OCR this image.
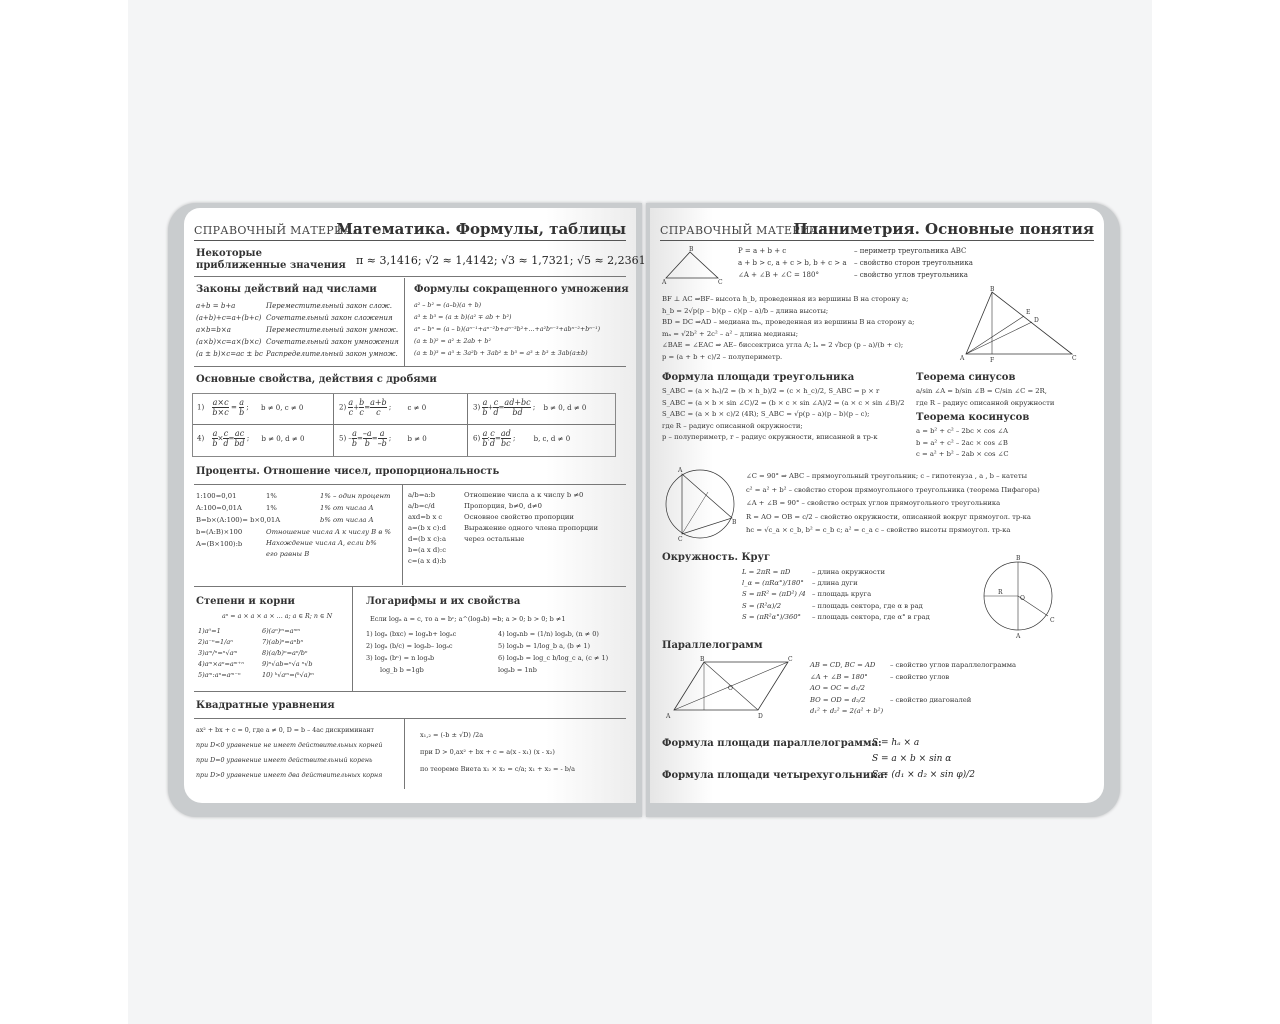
СПРАВОЧНЫЙ МАТЕРИАЛ
Математика. Формулы, таблицы
Некоторые приближенные значения π ≈ 3,1416; √2 ≈ 1,4142; √3 ≈ 1,7321; √5 ≈ 2,2361
Законы действий над числами
a+b = b+a	Переместительный закон слож.
(a+b)+c=a+(b+c) Сочетательный закон сложения
a×b=b×a	Переместительный закон умнож.
(a×b)×c=a×(b×c) Сочетательный закон умножения
(a ± b)×c=ac ± bc Распределительный закон умнож.
Формулы сокращенного умножения
a² – b² = (a–b)(a + b)
a³ ± b³ = (a ± b)(a² ∓ ab + b²)
aⁿ – bⁿ = (a – b)(aⁿ⁻¹+aⁿ⁻²b+aⁿ⁻³b²+...+a²bⁿ⁻³+abⁿ⁻²+bⁿ⁻¹)
(a ± b)² = a² ± 2ab + b²
(a ± b)³ = a³ ± 3a²b + 3ab² ± b³ = a³ ± b³ ± 3ab(a±b)
Основные свойства, действия с дробями
$1) \frac{a\times c}{b\times c} = \frac{a}{b}$ ; b ≠ 0, c ≠ 0	$2) \frac{a}{c} + \frac{b}{c} = \frac{a+b}{c}$ ; c ≠ 0	$3) \frac{a}{b} + \frac{c}{d} = \frac{ad+bc}{bd}$ ; b ≠ 0, d ≠ 0
$4) \frac{a}{b} \times \frac{c}{d} = \frac{ac}{bd}$ ; b ≠ 0, d ≠ 0	$5) - \frac{a}{b} = \frac{-a}{b} = \frac{a}{-b}$ ; b ≠ 0	$6) \frac{a}{b}$ : $\frac{c}{d} = \frac{ad}{bc}$ ; b, c, d ≠ 0
Проценты. Отношение чисел, пропорциональность
1:100=0,01	1%	1% – один процент
A:100=0,01A	1%	1% от числа A
B=b×(A:100)= b×0,01A	b% от числа A
b=(A:B)×100	Отношение числа A к числу B в %
A=(B×100):b	Нахождение числа A, если b% его равны B
a/b=a:b	Отношение числа a к числу b ≠0
a/b=c/d	Пропорция, b≠0, d≠0
axd=b x c	Основное свойство пропорции
a=(b x c):d	Выражение одного члена пропорции
d=(b x c):a	через остальные
b=(a x d):c
c=(a x d):b
Степени и корни
aⁿ = a × a × a × ... a; a ∈ R; n ∈ N
1)a⁰=1	6)(aⁿ)ᵐ=aⁿᵐ
2)a⁻ⁿ=1/aⁿ	7)(ab)ⁿ=aⁿbⁿ
3)aᵐ/ⁿ=ⁿ√aᵐ	8)(a/b)ⁿ=aⁿ/bⁿ
4)aᵐ×aⁿ=aᵐ⁺ⁿ	9)ⁿ√ab=ⁿ√a ⁿ√b
5)aᵐ:aⁿ=aᵐ⁻ⁿ	10) ᵏ√aᵐ=(ᵏ√a)ᵐ
Логарифмы и их свойства
Если logₐ a = c, то a = bᶜ; a^(logₐb) =b; a > 0; b > 0; b ≠1
1) logₐ (bxc) = logₐb+ logₐc	4) logₐnb = (1/n) logₐb, (n ≠ 0)
2) logₐ (b/c) = logₐb– logₐc	5) logₐb = 1/log_b a, (b ≠ 1)
3) logₐ (bⁿ) = n logₐb	6) logₐb = log_c b/log_c a, (c ≠ 1)
log_b b =1gb	logₐb = 1nb
Квадратные уравнения
ax² + bx + c = 0, где a ≠ 0, D = b – 4ac дискриминант
при D<0 уравнение не имеет действительных корней
при D=0 уравнение имеет действительный корень
при D>0 уравнение имеет два действительных корня
x₁,₂ = (-b ± √D) /2a
при D > 0,ax² + bx + c = a(x - x₁) (x - x₂)
по теореме Виета x₁ × x₂ = c/a; x₁ + x₂ = - b/a
СПРАВОЧНЫЙ МАТЕРИАЛ
Планиметрия. Основные понятия
A
B
C
P = a + b + c	– периметр треугольника ABC
a + b > c, a + c > b, b + c > a – свойство сторон треугольника
∠A + ∠B + ∠C = 180°	– свойство углов треугольника
BF ⊥ AC ⇒BF– высота h_b, проведенная из вершины B на сторону a;
h_b = 2√p(p – b)(p – c)(p – a)/b – длина высоты;
BD = DC ⇒AD – медиана mₐ, проведенная из вершины B на сторону a;
mₐ = √2b² + 2c² – a² – длина медианы;
∠BAE = ∠EAC ⇒ AE– биссектриса угла A; lₐ = 2 √bcp (p – a)/(b + c);
p = (a + b + c)/2 – полупериметр.	A
B
C
F
E
D
Формула площади треугольника
S_ABC = (a × hₐ)/2 = (b × h_b)/2 = (c × h_c)/2, S_ABC = p × r
S_ABC = (a × b × sin ∠C)/2 = (b × c × sin ∠A)/2 = (a × c × sin ∠B)/2
S_ABC = (a × b × c)/2 (4R); S_ABC = √p(p – a)(p – b)(p – c);
где R – радиус описанной окружности;
p – полупериметр, r – радиус окружности, вписанной в тр-к
Теорема синусов
a/sin ∠A = b/sin ∠B = C/sin ∠C = 2R,
где R – радиус описанной окружности
Теорема косинусов
a = b² + c² – 2bc × cos ∠A
b = a² + c² – 2ac × cos ∠B
c = a² + b² – 2ab × cos ∠C
A
C
B
∠C = 90° ⇒ ABC – прямоугольный треугольник; c – гипотенуза , a , b – катеты
c² = a² + b² – свойство сторон прямоугольного треугольника (теорема Пифагора)
∠A + ∠B = 90° – свойство острых углов прямоугольного треугольника
R = AO = OB = c/2 – свойство окружности, описанной вокруг прямоугол. тр-ка
hc = √c_a × c_b, b² = c_b c; a² = c_a c – свойство высоты прямоугол. тр-ка
Окружность. Круг
L = 2πR = πD	– длина окружности
l_α = (πRα°)/180° – длина дуги
S = πR² = (πD²) /4 – площадь круга
S = (R²α)/2	– площадь сектора, где α в рад
S = (πR²α°)/360° – площадь сектора, где α° в град
B
O
R
A
C
Параллелограмм
A
B	C
D
O
AB = CD, BC = AD – свойство углов параллелограмма
∠A + ∠B = 180°	– свойство углов
AO = OC = d₁/2
BO = OD = d₂/2	– свойство диагоналей
d₁² + d₂² = 2(a² + b²)
Формула площади параллелограмма:
S = hₐ × a
S = a × b × sin α
Формула площади четырехугольника:
S = (d₁ × d₂ × sin φ)/2
